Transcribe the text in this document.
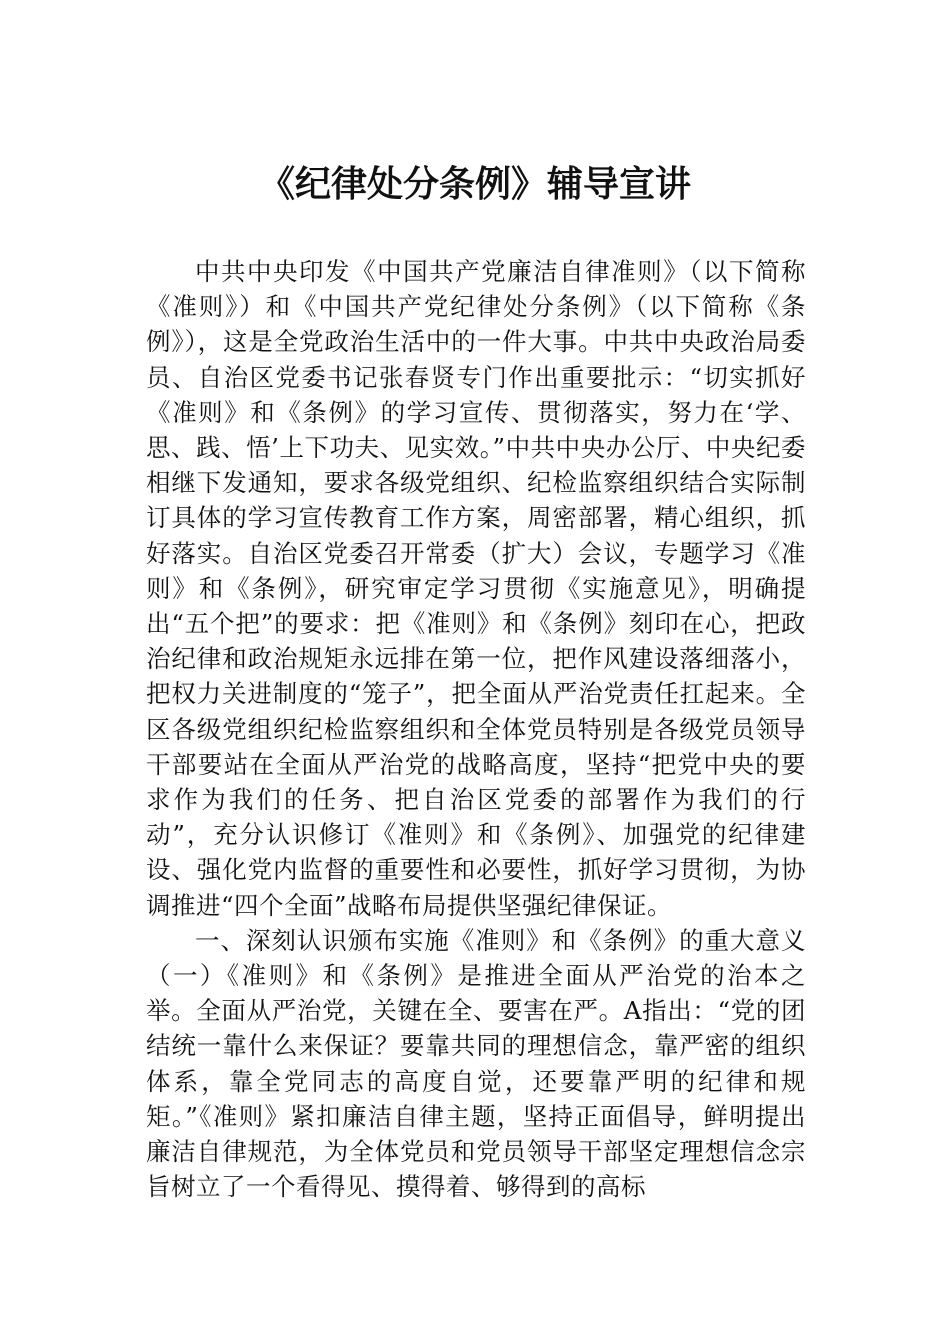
《纪律处分条例》辅导宣讲

中共中央印发《中国共产党廉洁自律准则》（以下简称《准则》）和《中国共产党纪律处分条例》（以下简称《条例》），这是全党政治生活中的一件大事。中共中央政治局委员、自治区党委书记张春贤专门作出重要批示：“切实抓好《准则》和《条例》的学习宣传、贯彻落实，努力在‘学、思、践、悟’上下功夫、见实效。”中共中央办公厅、中央纪委相继下发通知，要求各级党组织、纪检监察组织结合实际制订具体的学习宣传教育工作方案，周密部署，精心组织，抓好落实。自治区党委召开常委（扩大）会议，专题学习《准则》和《条例》，研究审定学习贯彻《实施意见》，明确提出“五个把”的要求：把《准则》和《条例》刻印在心，把政治纪律和政治规矩永远排在第一位，把作风建设落细落小，把权力关进制度的“笼子”，把全面从严治党责任扛起来。全区各级党组织纪检监察组织和全体党员特别是各级党员领导干部要站在全面从严治党的战略高度，坚持“把党中央的要求作为我们的任务、把自治区党委的部署作为我们的行动”，充分认识修订《准则》和《条例》、加强党的纪律建设、强化党内监督的重要性和必要性，抓好学习贯彻，为协调推进“四个全面”战略布局提供坚强纪律保证。

一、深刻认识颁布实施《准则》和《条例》的重大意义（一）《准则》和《条例》是推进全面从严治党的治本之举。全面从严治党，关键在全、要害在严。A指出：“党的团结统一靠什么来保证？要靠共同的理想信念，靠严密的组织体系，靠全党同志的高度自觉，还要靠严明的纪律和规矩。”《准则》紧扣廉洁自律主题，坚持正面倡导，鲜明提出廉洁自律规范，为全体党员和党员领导干部坚定理想信念宗旨树立了一个看得见、摸得着、够得到的高标
